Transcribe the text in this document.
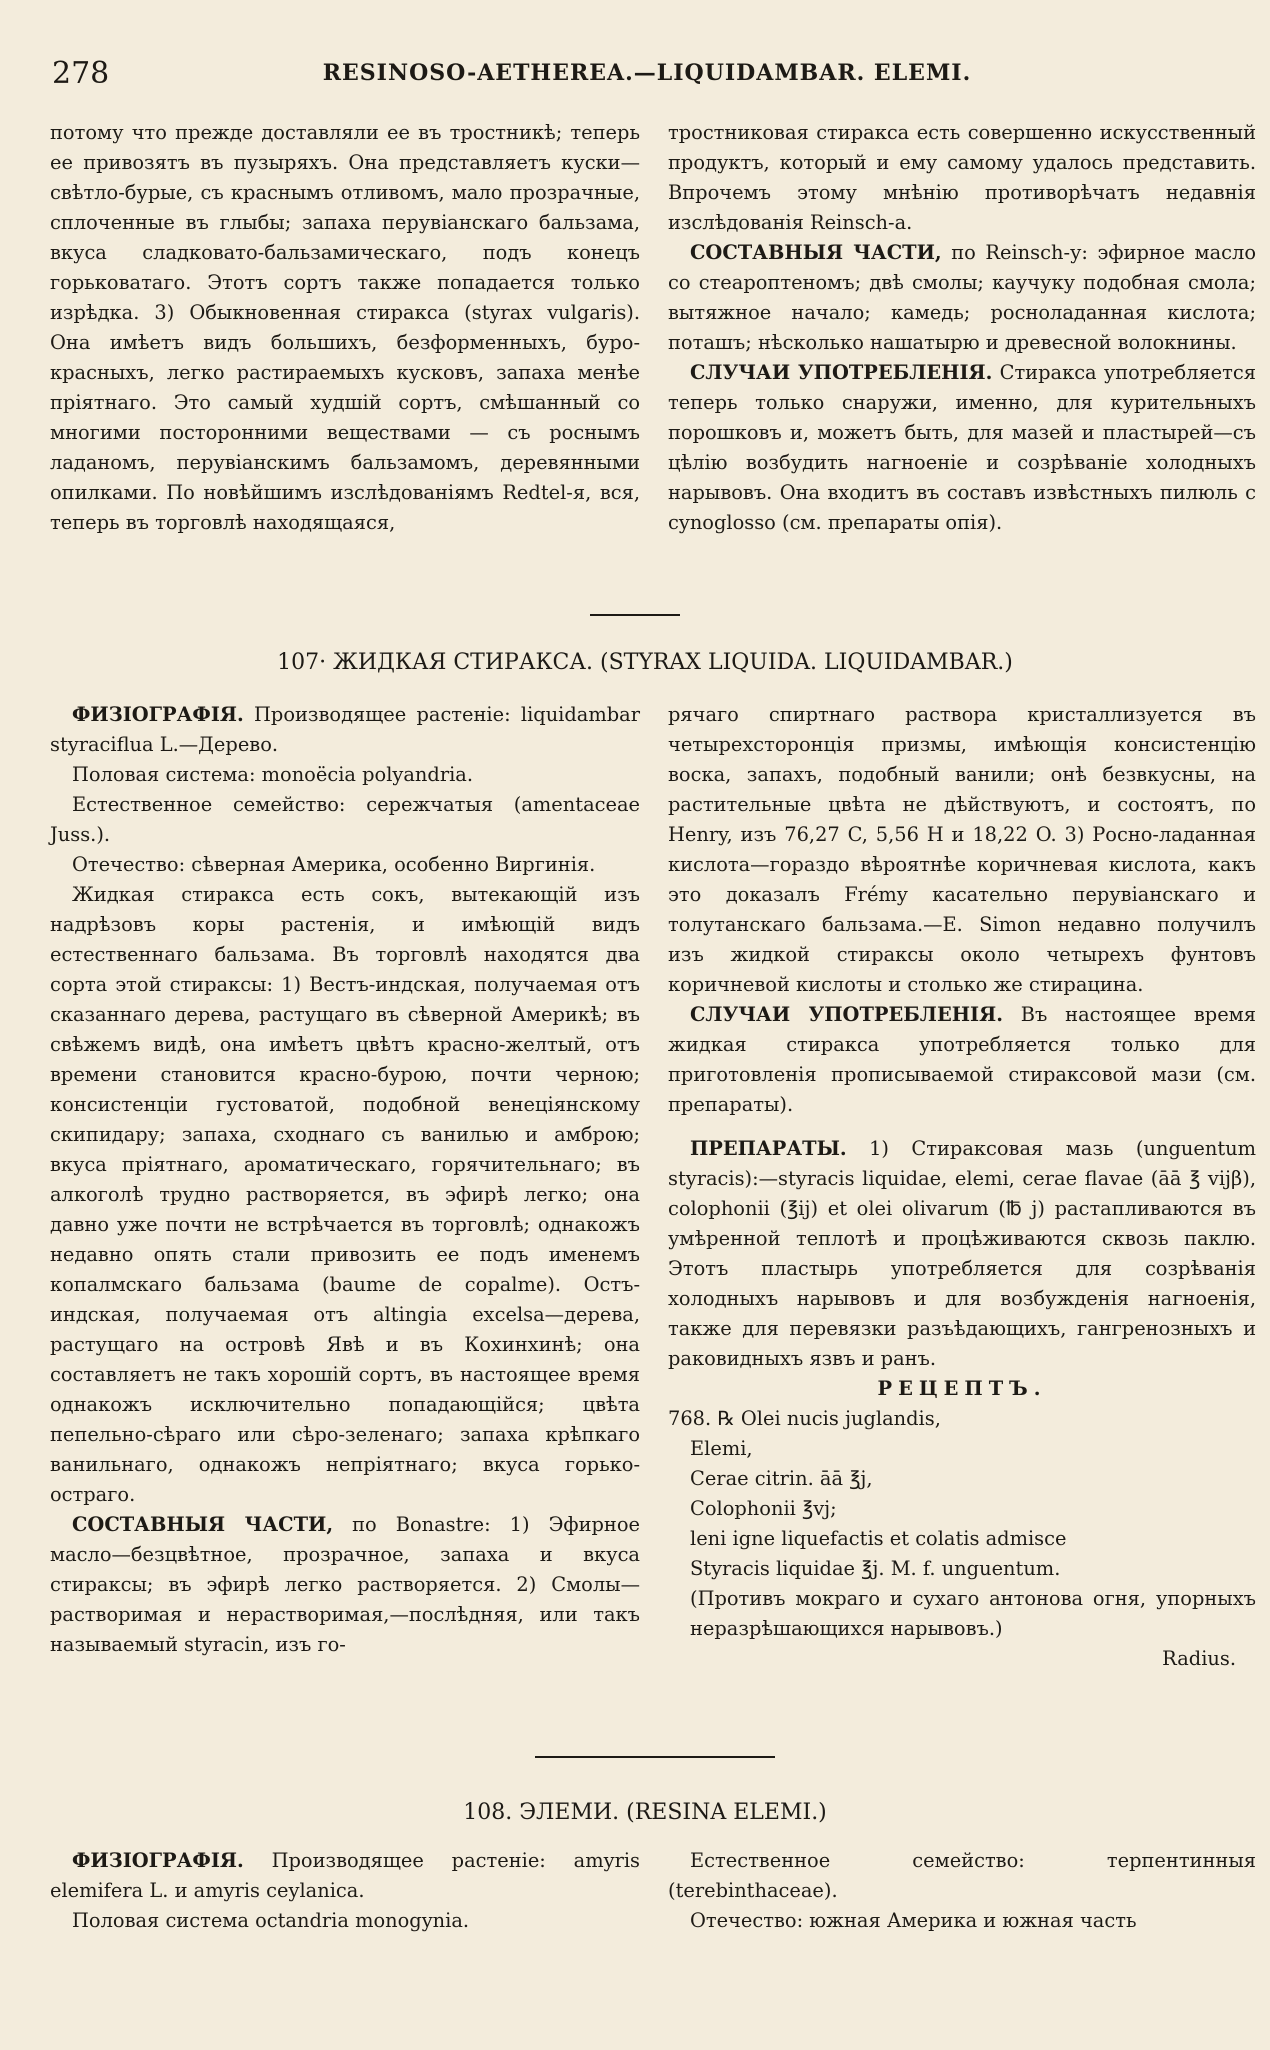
278	RESINOSO-AETHEREA.—LIQUIDAMBAR. ELEMI.

потому что прежде доставляли ее въ тростникѣ; теперь ее привозятъ въ пузыряхъ. Она представляетъ куски—свѣтло-бурые, съ краснымъ отливомъ, мало прозрачные, сплоченные въ глыбы; запаха перувіанскаго бальзама, вкуса сладковато-бальзамическаго, подъ конецъ горьковатаго. Этотъ сортъ также попадается только изрѣдка. 3) Обыкновенная стиракса (styrax vulgaris). Она имѣетъ видъ большихъ, безформенныхъ, буро-красныхъ, легко растираемыхъ кусковъ, запаха менѣе пріятнаго. Это самый худшій сортъ, смѣшанный со многими посторонними веществами — съ роснымъ ладаномъ, перувіанскимъ бальзамомъ, деревянными опилками. По новѣйшимъ изслѣдованіямъ Redtel-я, вся, теперь въ торговлѣ находящаяся,

тростниковая стиракса есть совершенно искусственный продуктъ, который и ему самому удалось представить. Впрочемъ этому мнѣнію противорѣчатъ недавнія изслѣдованія Reinsch-а.

СОСТАВНЫЯ ЧАСТИ, по Reinsch-у: эфирное масло со стеароптеномъ; двѣ смолы; каучуку подобная смола; вытяжное начало; камедь; росноладанная кислота; поташъ; нѣсколько нашатырю и древесной волокнины.

СЛУЧАИ УПОТРЕБЛЕНІЯ. Стиракса употребляется теперь только снаружи, именно, для курительныхъ порошковъ и, можетъ быть, для мазей и пластырей—съ цѣлію возбудить нагноеніе и созрѣваніе холодныхъ нарывовъ. Она входитъ въ составъ извѣстныхъ пилюль с cynoglosso (см. препараты опія).

107· ЖИДКАЯ СТИРАКСА. (STYRAX LIQUIDA. LIQUIDAMBAR.)

ФИЗІОГРАФІЯ. Производящее растеніе: liquidambar styraciflua L.—Дерево.

Половая система: monoëcia polyandria.

Естественное семейство: сережчатыя (amentaceae Juss.).

Отечество: сѣверная Америка, особенно Виргинія.

Жидкая стиракса есть сокъ, вытекающій изъ надрѣзовъ коры растенія, и имѣющій видъ естественнаго бальзама. Въ торговлѣ находятся два сорта этой стираксы: 1) Вестъ-индская, получаемая отъ сказаннаго дерева, растущаго въ сѣверной Америкѣ; въ свѣжемъ видѣ, она имѣетъ цвѣтъ красно-желтый, отъ времени становится красно-бурою, почти черною; консистенціи густоватой, подобной венеціянскому скипидару; запаха, сходнаго съ ванилью и амброю; вкуса пріятнаго, ароматическаго, горячительнаго; въ алкоголѣ трудно растворяется, въ эфирѣ легко; она давно уже почти не встрѣчается въ торговлѣ; однакожъ недавно опять стали привозить ее подъ именемъ копалмскаго бальзама (baume de copalme). Остъ-индская, получаемая отъ altingia excelsa—дерева, растущаго на островѣ Явѣ и въ Кохинхинѣ; она составляетъ не такъ хорошій сортъ, въ настоящее время однакожъ исключительно попадающійся; цвѣта пепельно-сѣраго или сѣро-зеленаго; запаха крѣпкаго ванильнаго, однакожъ непріятнаго; вкуса горько-остраго.

СОСТАВНЫЯ ЧАСТИ, по Bonastre: 1) Эфирное масло—безцвѣтное, прозрачное, запаха и вкуса стираксы; въ эфирѣ легко растворяется. 2) Смолы—растворимая и нерастворимая,—послѣдняя, или такъ называемый styracin, изъ го-

рячаго спиртнаго раствора кристаллизуется въ четырехсторонція призмы, имѣющія консистенцію воска, запахъ, подобный ванили; онѣ безвкусны, на растительные цвѣта не дѣйствуютъ, и состоятъ, по Henry, изъ 76,27 C, 5,56 H и 18,22 O. 3) Росно-ладанная кислота—гораздо вѣроятнѣе коричневая кислота, какъ это доказалъ Frémy касательно перувіанскаго и толутанскаго бальзама.—E. Simon недавно получилъ изъ жидкой стираксы около четырехъ фунтовъ коричневой кислоты и столько же стирацина.

СЛУЧАИ УПОТРЕБЛЕНІЯ. Въ настоящее время жидкая стиракса употребляется только для приготовленія прописываемой стираксовой мази (см. препараты).

ПРЕПАРАТЫ. 1) Стираксовая мазь (unguentum styracis):—styracis liquidae, elemi, cerae flavae (āā ℥ vijβ), colophonii (℥ij) et olei olivarum (℔ j) растапливаются въ умѣренной теплотѣ и процѣживаются сквозь паклю. Этотъ пластырь употребляется для созрѣванія холодныхъ нарывовъ и для возбужденія нагноенія, также для перевязки разъѣдающихъ, гангренозныхъ и раковидныхъ язвъ и ранъ.

РЕЦЕПТЪ.

768. ℞ Olei nucis juglandis,

Elemi,

Cerae citrin. āā ℥j,

Colophonii ℥vj;

leni igne liquefactis et colatis admisce

Styracis liquidae ℥j. M. f. unguentum.

(Противъ мокраго и сухаго антонова огня, упорныхъ неразрѣшающихся нарывовъ.)

Radius.

108. ЭЛЕМИ. (RESINA ELEMI.)

ФИЗІОГРАФІЯ. Производящее растеніе: amyris elemifera L. и amyris ceylanica.

Половая система octandria monogynia.

Естественное семейство: терпентинныя (terebinthaceae).

Отечество: южная Америка и южная часть
